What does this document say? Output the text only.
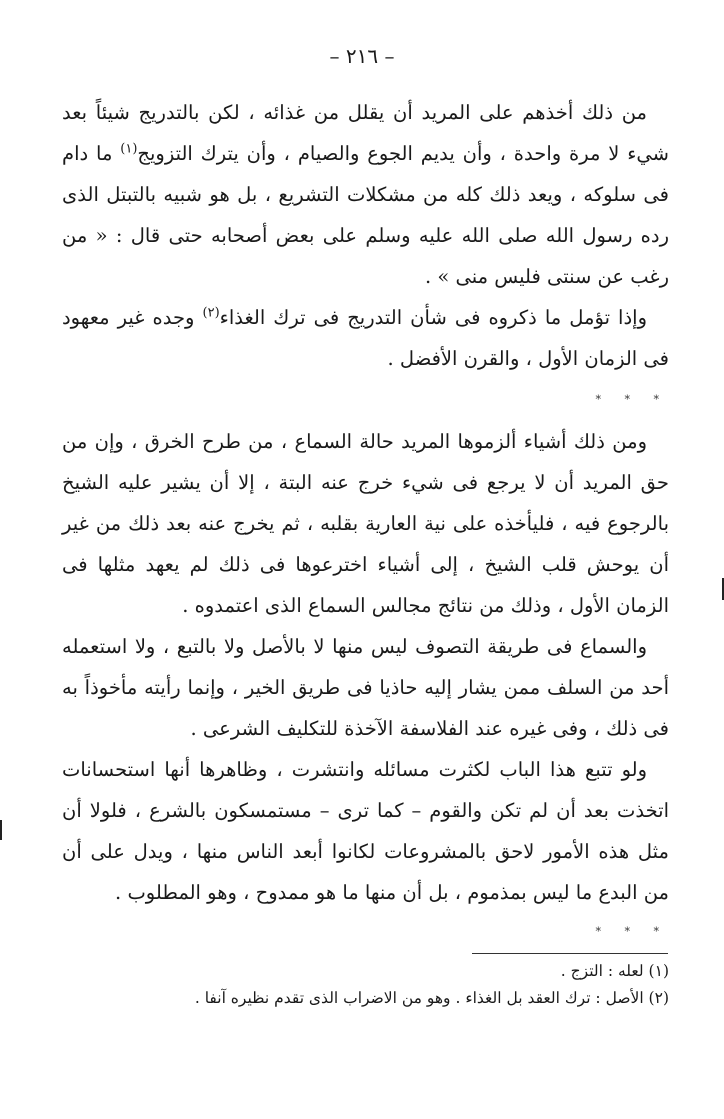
– ٢١٦ –

من ذلك أخذهم على المريد أن يقلل من غذائه ، لكن بالتدريج شيئاً بعد شيء لا مرة واحدة ، وأن يديم الجوع والصيام ، وأن يترك التزويج$^{(١)}$ ما دام فى سلوكه ، ويعد ذلك كله من مشكلات التشريع ، بل هو شبيه بالتبتل الذى رده رسول الله صلى الله عليه وسلم على بعض أصحابه حتى قال : « من رغب عن سنتى فليس منى » .

وإذا تؤمل ما ذكروه فى شأن التدريج فى ترك الغذاء$^{(٢)}$ وجده غير معهود فى الزمان الأول ، والقرن الأفضل .

* * *

ومن ذلك أشياء ألزموها المريد حالة السماع ، من طرح الخرق ، وإن من حق المريد أن لا يرجع فى شيء خرج عنه البتة ، إلا أن يشير عليه الشيخ بالرجوع فيه ، فليأخذه على نية العارية بقلبه ، ثم يخرج عنه بعد ذلك من غير أن يوحش قلب الشيخ ، إلى أشياء اخترعوها فى ذلك لم يعهد مثلها فى الزمان الأول ، وذلك من نتائج مجالس السماع الذى اعتمدوه .

والسماع فى طريقة التصوف ليس منها لا بالأصل ولا بالتبع ، ولا استعمله أحد من السلف ممن يشار إليه حاذيا فى طريق الخير ، وإنما رأيته مأخوذاً به فى ذلك ، وفى غيره عند الفلاسفة الآخذة للتكليف الشرعى .

ولو تتبع هذا الباب لكثرت مسائله وانتشرت ، وظاهرها أنها استحسانات اتخذت بعد أن لم تكن والقوم – كما ترى – مستمسكون بالشرع ، فلولا أن مثل هذه الأمور لاحق بالمشروعات لكانوا أبعد الناس منها ، ويدل على أن من البدع ما ليس بمذموم ، بل أن منها ما هو ممدوح ، وهو المطلوب .

* * *

(١) لعله : التزج .

(٢) الأصل : ترك العقد بل الغذاء . وهو من الاضراب الذى تقدم نظيره آنفا .
